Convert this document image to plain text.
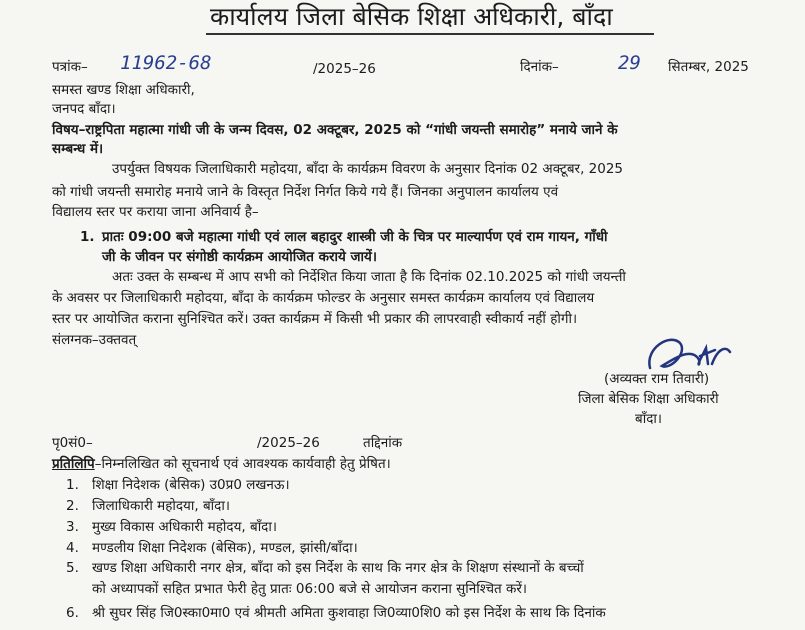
कार्यालय जिला बेसिक शिक्षा अधिकारी, बाँदा
पत्रांक– 11962-68	/2025–26	दिनांक–	29 सितम्बर, 2025
समस्त खण्ड शिक्षा अधिकारी,
जनपद बाँदा।
विषय–राष्ट्रपिता महात्मा गांधी जी के जन्म दिवस, 02 अक्टूबर, 2025 को “गांधी जयन्ती समारोह” मनाये जाने के
सम्बन्ध में।
उपर्युक्त विषयक जिलाधिकारी महोदया, बाँदा के कार्यक्रम विवरण के अनुसार दिनांक 02 अक्टूबर, 2025
को गांधी जयन्ती समारोह मनाये जाने के विस्तृत निर्देश निर्गत किये गये हैं। जिनका अनुपालन कार्यालय एवं
विद्यालय स्तर पर कराया जाना अनिवार्य है–
1. प्रातः 09:00 बजे महात्मा गांधी एवं लाल बहादुर शास्त्री जी के चित्र पर माल्यार्पण एवं राम गायन, गाँधी
जी के जीवन पर संगोष्ठी कार्यक्रम आयोजित कराये जायें।
अतः उक्त के सम्बन्ध में आप सभी को निर्देशित किया जाता है कि दिनांक 02.10.2025 को गांधी जयन्ती
के अवसर पर जिलाधिकारी महोदया, बाँदा के कार्यक्रम फोल्डर के अनुसार समस्त कार्यक्रम कार्यालय एवं विद्यालय
स्तर पर आयोजित कराना सुनिश्चित करें। उक्त कार्यक्रम में किसी भी प्रकार की लापरवाही स्वीकार्य नहीं होगी।
संलग्नक–उक्तवत्
(अव्यक्त राम तिवारी)
जिला बेसिक शिक्षा अधिकारी
बाँदा।
पृ0सं0–	/2025–26	तद्दिनांक
प्रतिलिपि–निम्नलिखित को सूचनार्थ एवं आवश्यक कार्यवाही हेतु प्रेषित।
1. शिक्षा निदेशक (बेसिक) उ0प्र0 लखनऊ।
2. जिलाधिकारी महोदया, बाँदा।
3. मुख्य विकास अधिकारी महोदय, बाँदा।
4. मण्डलीय शिक्षा निदेशक (बेसिक), मण्डल, झांसी/बाँदा।
5. खण्ड शिक्षा अधिकारी नगर क्षेत्र, बाँदा को इस निर्देश के साथ कि नगर क्षेत्र के शिक्षण संस्थानों के बच्चों
को अध्यापकों सहित प्रभात फेरी हेतु प्रातः 06:00 बजे से आयोजन कराना सुनिश्चित करें।
6. श्री सुघर सिंह जि0स्का0मा0 एवं श्रीमती अमिता कुशवाहा जि0व्या0शि0 को इस निर्देश के साथ कि दिनांक
